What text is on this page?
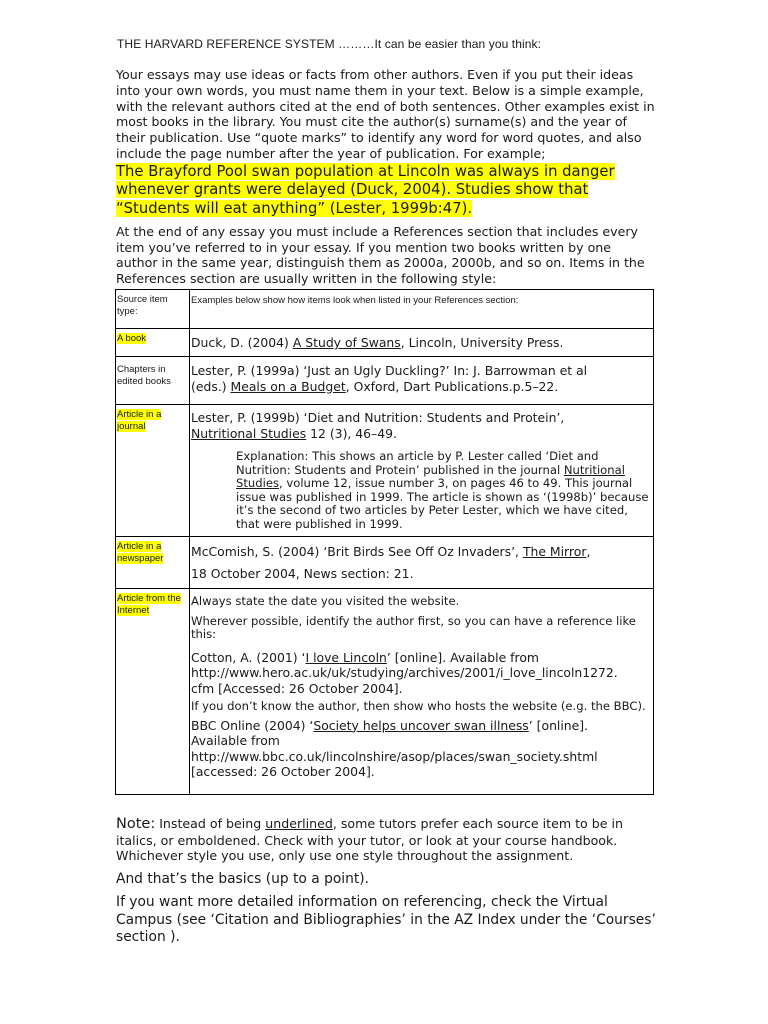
THE HARVARD REFERENCE SYSTEM ………It can be easier than you think:
Your essays may use ideas or facts from other authors. Even if you put their ideas into your own words, you must name them in your text. Below is a simple example, with the relevant authors cited at the end of both sentences. Other examples exist in most books in the library. You must cite the author(s) surname(s) and the year of their publication. Use “quote marks” to identify any word for word quotes, and also include the page number after the year of publication. For example;
The Brayford Pool swan population at Lincoln was always in danger whenever grants were delayed (Duck, 2004). Studies show that “Students will eat anything” (Lester, 1999b:47).
At the end of any essay you must include a References section that includes every item you’ve referred to in your essay. If you mention two books written by one author in the same year, distinguish them as 2000a, 2000b, and so on. Items in the References section are usually written in the following style:
Source item type:
Examples below show how items look when listed in your References section:
A book	Duck, D. (2004) A Study of Swans, Lincoln, University Press.
Chapters in edited books
Lester, P. (1999a) ‘Just an Ugly Duckling?’ In: J. Barrowman et al
(eds.) Meals on a Budget, Oxford, Dart Publications.p.5–22.
Article in a journal
Lester, P. (1999b) ‘Diet and Nutrition: Students and Protein’,
Nutritional Studies 12 (3), 46–49.
Explanation: This shows an article by P. Lester called ‘Diet and Nutrition: Students and Protein’ published in the journal Nutritional Studies, volume 12, issue number 3, on pages 46 to 49. This journal issue was published in 1999. The article is shown as ‘(1998b)’ because it’s the second of two articles by Peter Lester, which we have cited, that were published in 1999.
Article in a newspaper	McComish, S. (2004) ‘Brit Birds See Off Oz Invaders’, The Mirror,
18 October 2004, News section: 21.
Article from the Internet
Always state the date you visited the website.
Wherever possible, identify the author first, so you can have a reference like this:
Cotton, A. (2001) ‘I love Lincoln’ [online]. Available from
http://www.hero.ac.uk/uk/studying/archives/2001/i_love_lincoln1272.
cfm [Accessed: 26 October 2004].
If you don’t know the author, then show who hosts the website (e.g. the BBC).
BBC Online (2004) ‘Society helps uncover swan illness’ [online].
Available from
http://www.bbc.co.uk/lincolnshire/asop/places/swan_society.shtml
[accessed: 26 October 2004].
Note: Instead of being underlined, some tutors prefer each source item to be in italics, or emboldened. Check with your tutor, or look at your course handbook. Whichever style you use, only use one style throughout the assignment.
And that’s the basics (up to a point).
If you want more detailed information on referencing, check the Virtual Campus (see ‘Citation and Bibliographies’ in the AZ Index under the ‘Courses’ section ).
